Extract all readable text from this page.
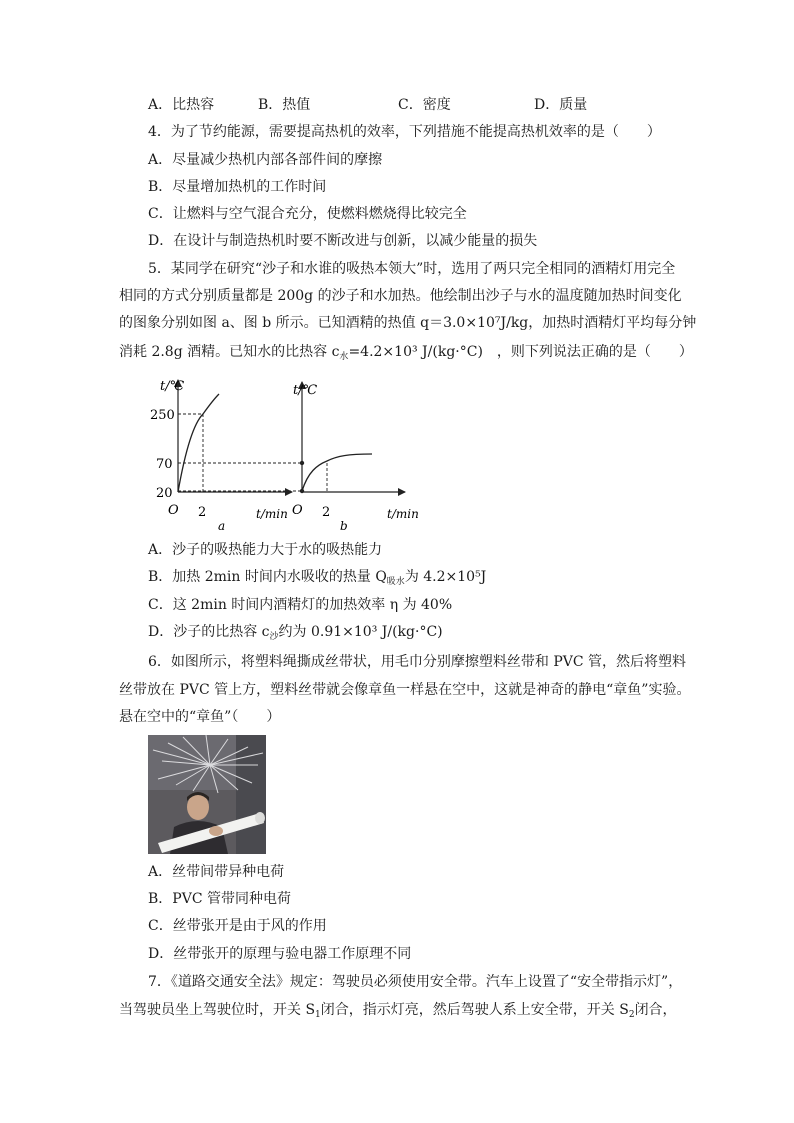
A．比热容	B．热值	C．密度	D．质量
4．为了节约能源，需要提高热机的效率，下列措施不能提高热机效率的是（　　）
A．尽量减少热机内部各部件间的摩擦
B．尽量增加热机的工作时间
C．让燃料与空气混合充分，使燃料燃烧得比较完全
D．在设计与制造热机时要不断改进与创新，以减少能量的损失
5．某同学在研究“沙子和水谁的吸热本领大”时，选用了两只完全相同的酒精灯用完全
相同的方式分别质量都是 200g 的沙子和水加热。他绘制出沙子与水的温度随加热时间变化
的图象分别如图 a、图 b 所示。已知酒精的热值 q＝3.0×10⁷J/kg，加热时酒精灯平均每分钟
消耗 2.8g 酒精。已知水的比热容 $c_水=4.2\times 10^3$ J/(kg·°C)　，则下列说法正确的是（　　）
t/℃
250
70
20
2
O	t/min
a
t/℃
2
O	t/min
b
A．沙子的吸热能力大于水的吸热能力
B．加热 2min 时间内水吸收的热量 $Q_{吸水}$为 4.2×10⁵J
C．这 2min 时间内酒精灯的加热效率 η 为 40%
D．沙子的比热容 $c_沙$约为 0.91×10³ J/(kg·°C)
6．如图所示，将塑料绳撕成丝带状，用毛巾分别摩擦塑料丝带和 PVC 管，然后将塑料
丝带放在 PVC 管上方，塑料丝带就会像章鱼一样悬在空中，这就是神奇的静电“章鱼”实验。
悬在空中的“章鱼”（　　）
A．丝带间带异种电荷
B．PVC 管带同种电荷
C．丝带张开是由于风的作用
D．丝带张开的原理与验电器工作原理不同
7．《道路交通安全法》规定：驾驶员必须使用安全带。汽车上设置了“安全带指示灯”，
当驾驶员坐上驾驶位时，开关 $S_1$闭合，指示灯亮，然后驾驶人系上安全带，开关 $S_2$闭合，
